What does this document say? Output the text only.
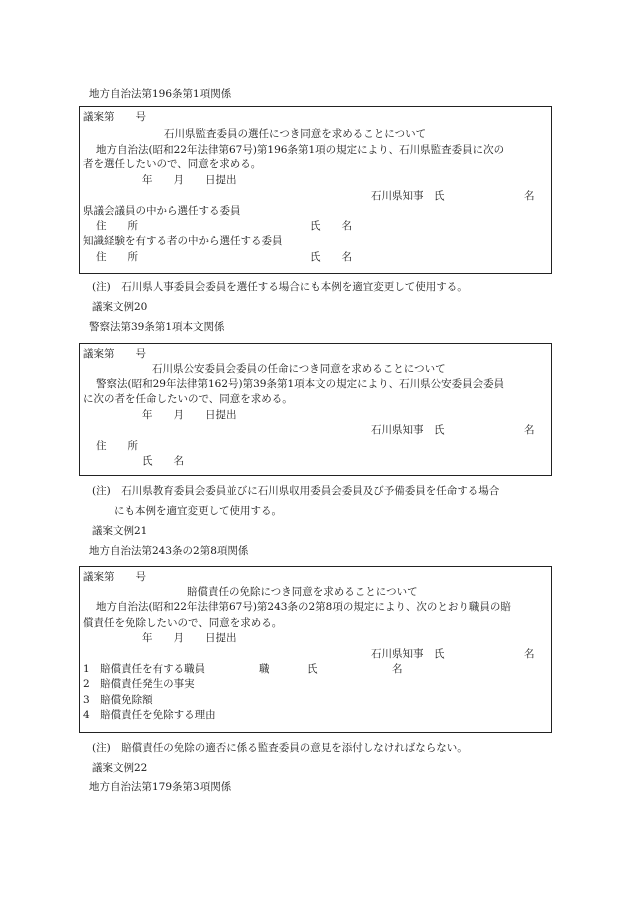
地方自治法第196条第1項関係
議案第　　号
石川県監査委員の選任につき同意を求めることについて
地方自治法(昭和22年法律第67号)第196条第1項の規定により、石川県監査委員に次の
者を選任したいので、同意を求める。
年　　月　　日提出
石川県知事　氏	名
県議会議員の中から選任する委員
住　　所	氏　　名
知識経験を有する者の中から選任する委員
住　　所	氏　　名
(注)　石川県人事委員会委員を選任する場合にも本例を適宜変更して使用する。
議案文例20
警察法第39条第1項本文関係
議案第　　号
石川県公安委員会委員の任命につき同意を求めることについて
警察法(昭和29年法律第162号)第39条第1項本文の規定により、石川県公安委員会委員
に次の者を任命したいので、同意を求める。
年　　月　　日提出
石川県知事　氏	名
住　　所
氏　　名
(注)　石川県教育委員会委員並びに石川県収用委員会委員及び予備委員を任命する場合
にも本例を適宜変更して使用する。
議案文例21
地方自治法第243条の2第8項関係
議案第　　号
賠償責任の免除につき同意を求めることについて
地方自治法(昭和22年法律第67号)第243条の2第8項の規定により、次のとおり職員の賠
償責任を免除したいので、同意を求める。
年　　月　　日提出
石川県知事　氏	名
1　賠償責任を有する職員	職	氏	名
2　賠償責任発生の事実
3　賠償免除額
4　賠償責任を免除する理由
(注)　賠償責任の免除の適否に係る監査委員の意見を添付しなければならない。
議案文例22
地方自治法第179条第3項関係
